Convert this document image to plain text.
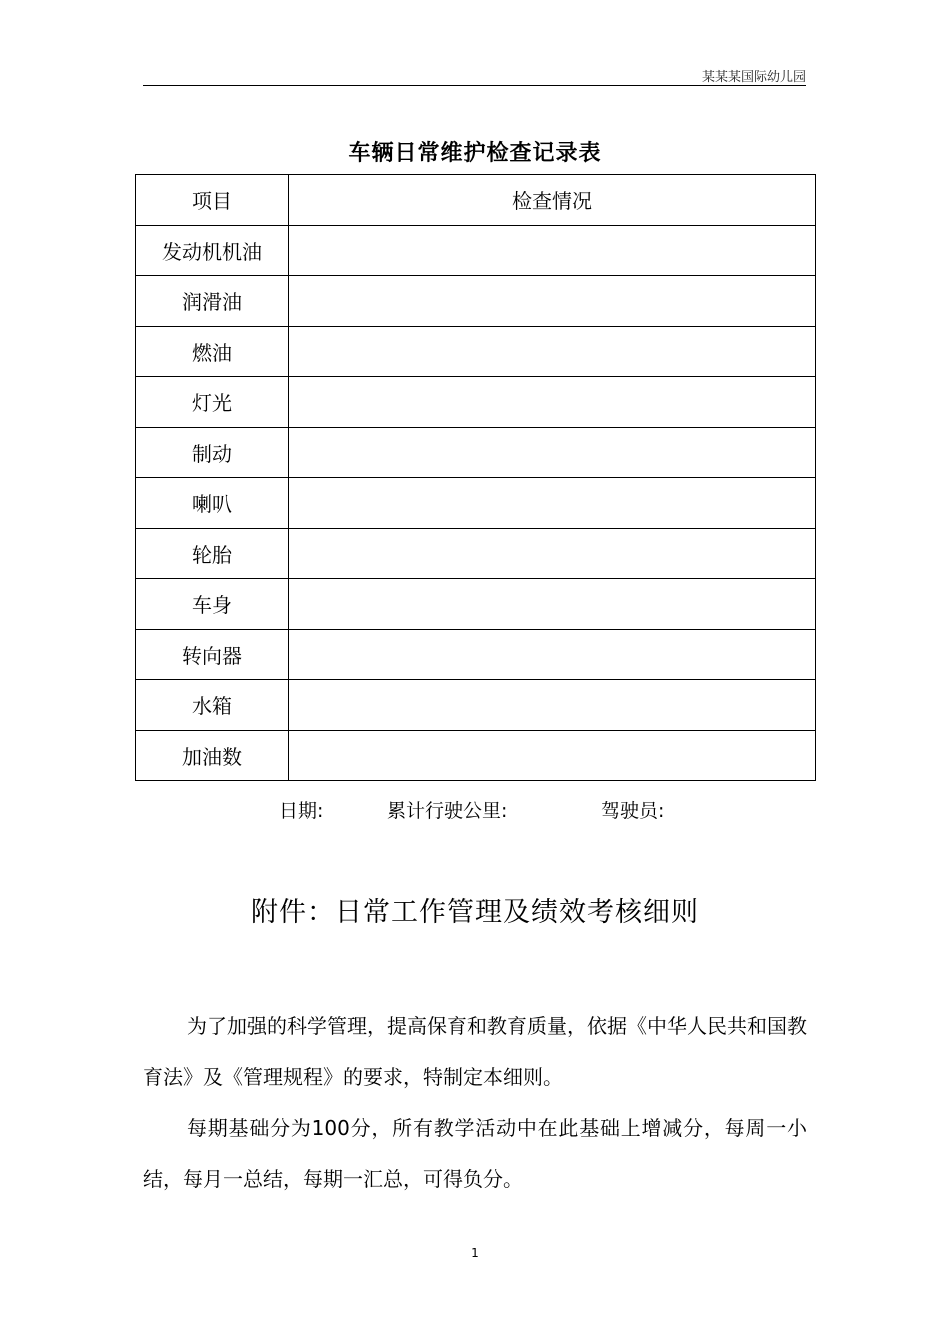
某某某国际幼儿园
车辆日常维护检查记录表
项目	检查情况
发动机机油	
润滑油	
燃油	
灯光	
制动	
喇叭	
轮胎	
车身	
转向器	
水箱	
加油数	
日期:	累计行驶公里:	驾驶员:
附件：日常工作管理及绩效考核细则

为了加强的科学管理，提高保育和教育质量，依据《中华人民共和国教育法》及《管理规程》的要求，特制定本细则。

每期基础分为100分，所有教学活动中在此基础上增减分，每周一小结，每月一总结，每期一汇总，可得负分。

1
